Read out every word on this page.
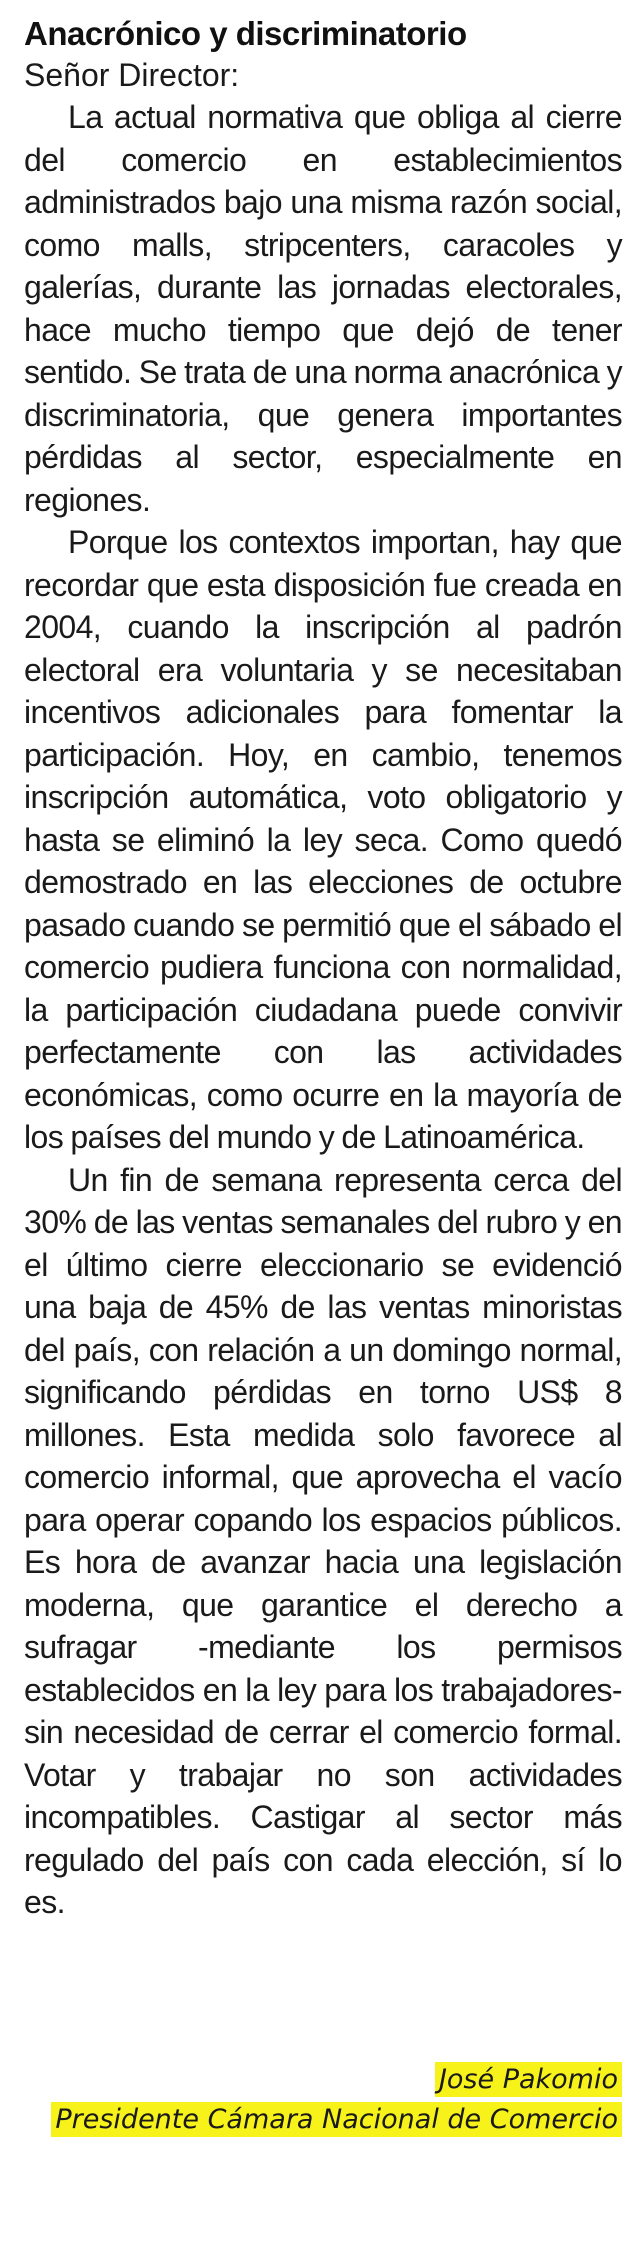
Anacrónico y discriminatorio

Señor Director:

La actual normativa que obliga al cierre del comercio en establecimientos administrados bajo una misma razón social, como malls, stripcenters, caracoles y galerías, durante las jornadas electorales, hace mucho tiempo que dejó de tener sentido. Se trata de una norma anacrónica y discriminatoria, que genera importantes pérdidas al sector, especialmente en regiones.

Porque los contextos importan, hay que recordar que esta disposición fue creada en 2004, cuando la inscripción al padrón electoral era voluntaria y se necesitaban incentivos adicionales para fomentar la participación. Hoy, en cambio, tenemos inscripción automática, voto obligatorio y hasta se eliminó la ley seca. Como quedó demostrado en las elecciones de octubre pasado cuando se permitió que el sábado el comercio pudiera funciona con normalidad, la participación ciudadana puede convivir perfectamente con las actividades económicas, como ocurre en la mayoría de los países del mundo y de Latinoamérica.

Un fin de semana representa cerca del 30% de las ventas semanales del rubro y en el último cierre eleccionario se evidenció una baja de 45% de las ventas minoristas del país, con relación a un domingo normal, significando pérdidas en torno US$ 8 millones. Esta medida solo favorece al comercio informal, que aprovecha el vacío para operar copando los espacios públicos. Es hora de avanzar hacia una legislación moderna, que garantice el derecho a sufragar -mediante los permisos establecidos en la ley para los trabajadores- sin necesidad de cerrar el comercio formal. Votar y trabajar no son actividades incompatibles. Castigar al sector más regulado del país con cada elección, sí lo es.

José Pakomio
Presidente Cámara Nacional de Comercio
